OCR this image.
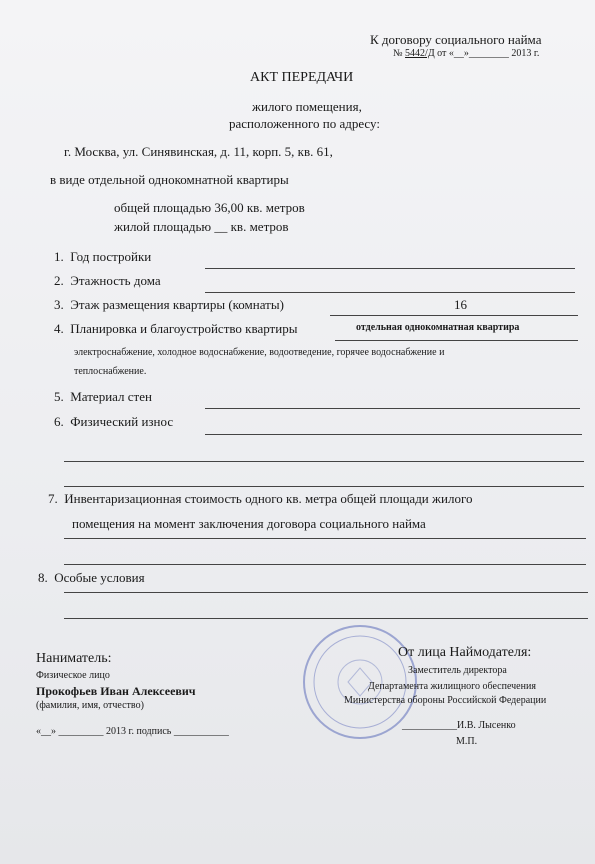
К договору социального найма
№ 5442/Д от «__»________ 2013 г.
АКТ ПЕРЕДАЧИ
жилого помещения,
расположенного по адресу:
г. Москва, ул. Синявинская, д. 11, корп. 5, кв. 61,
в виде отдельной однокомнатной квартиры
общей площадью 36,00 кв. метров
жилой площадью __ кв. метров
1. Год постройки
2. Этажность дома
3. Этаж размещения квартиры (комнаты)	16
4. Планировка и благоустройство квартиры	отдельная однокомнатная квартира
электроснабжение, холодное водоснабжение, водоотведение, горячее водоснабжение и
теплоснабжение.
5. Материал стен
6. Физический износ
7. Инвентаризационная стоимость одного кв. метра общей площади жилого
помещения на момент заключения договора социального найма
8. Особые условия
Наниматель:
Физическое лицо
Прокофьев Иван Алексеевич
(фамилия, имя, отчество)
«__» _________ 2013 г. подпись ___________
От лица Наймодателя:
Заместитель директора
Департамента жилищного обеспечения
Министерства обороны Российской Федерации
___________И.В. Лысенко
М.П.
